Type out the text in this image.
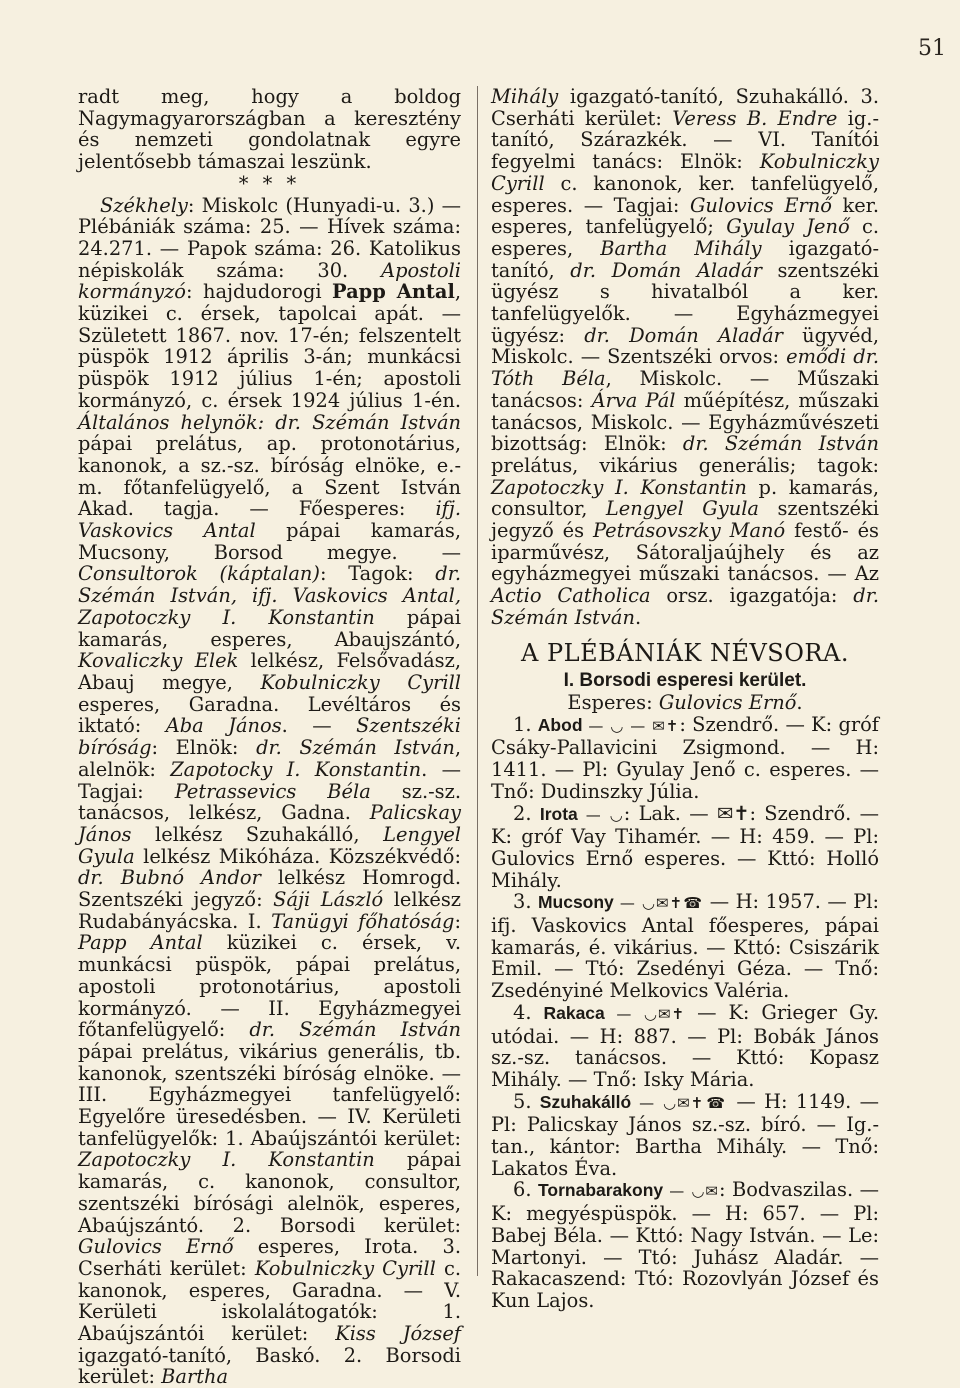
51

radt meg, hogy a boldog Nagymagyarországban a keresztény és nemzeti gondolatnak egyre jelentősebb támaszai leszünk.

* * *

Székhely: Miskolc (Hunyadi-u. 3.) — Plébániák száma: 25. — Hívek száma: 24.271. — Papok száma: 26. Katolikus népiskolák száma: 30. Apostoli kormányzó: hajdudorogi Papp Antal, küzikei c. érsek, tapolcai apát. — Született 1867. nov. 17-én; felszentelt püspök 1912 április 3-án; munkácsi püspök 1912 július 1-én; apostoli kormányzó, c. érsek 1924 július 1-én. Általános helynök: dr. Szémán István pápai prelátus, ap. protonotárius, kanonok, a sz.-sz. bíróság elnöke, e.-m. főtanfelügyelő, a Szent István Akad. tagja. — Főesperes: ifj. Vaskovics Antal pápai kamarás, Mucsony, Borsod megye. — Consultorok (káptalan): Tagok: dr. Szémán István, ifj. Vaskovics Antal, Zapotoczky I. Konstantin pápai kamarás, esperes, Abaujszántó, Kovaliczky Elek lelkész, Felsővadász, Abauj megye, Kobulniczky Cyrill esperes, Garadna. Levéltáros és iktató: Aba János. — Szentszéki bíróság: Elnök: dr. Szémán István, alelnök: Zapotocky I. Konstantin. — Tagjai: Petrassevics Béla sz.-sz. tanácsos, lelkész, Gadna. Palicskay János lelkész Szuhakálló, Lengyel Gyula lelkész Mikóháza. Közszékvédő: dr. Bubnó Andor lelkész Homrogd. Szentszéki jegyző: Sáji László lelkész Rudabányácska. I. Tanügyi főhatóság: Papp Antal küzikei c. érsek, v. munkácsi püspök, pápai prelátus, apostoli protonotárius, apostoli kormányzó. — II. Egyházmegyei főtanfelügyelő: dr. Szémán István pápai prelátus, vikárius generális, tb. kanonok, szentszéki bíróság elnöke. — III. Egyházmegyei tanfelügyelő: Egyelőre üresedésben. — IV. Kerületi tanfelügyelők: 1. Abaújszántói kerület: Zapotoczky I. Konstantin pápai kamarás, c. kanonok, consultor, szentszéki bírósági alelnök, esperes, Abaújszántó. 2. Borsodi kerület: Gulovics Ernő esperes, Irota. 3. Cserháti kerület: Kobulniczky Cyrill c. kanonok, esperes, Garadna. — V. Kerületi iskolalátogatók: 1. Abaújszántói kerület: Kiss József igazgató-tanító, Baskó. 2. Borsodi kerület: Bartha

Mihály igazgató-tanító, Szuhakálló. 3. Cserháti kerület: Veress B. Endre ig.-tanító, Szárazkék. — VI. Tanítói fegyelmi tanács: Elnök: Kobulniczky Cyrill c. kanonok, ker. tanfelügyelő, esperes. — Tagjai: Gulovics Ernő ker. esperes, tanfelügyelő; Gyulay Jenő c. esperes, Bartha Mihály igazgató-tanító, dr. Domán Aladár szentszéki ügyész s hivatalból a ker. tanfelügyelők. — Egyházmegyei ügyész: dr. Domán Aladár ügyvéd, Miskolc. — Szentszéki orvos: emődi dr. Tóth Béla, Miskolc. — Műszaki tanácsos: Árva Pál műépítész, műszaki tanácsos, Miskolc. — Egyházművészeti bizottság: Elnök: dr. Szémán István prelátus, vikárius generális; tagok: Zapotoczky I. Konstantin p. kamarás, consultor, Lengyel Gyula szentszéki jegyző és Petrásovszky Manó festő- és iparművész, Sátoraljaújhely és az egyházmegyei műszaki tanácsos. — Az Actio Catholica orsz. igazgatója: dr. Szémán István.

A PLÉBÁNIÁK NÉVSORA.

I. Borsodi esperesi kerület.

Esperes: Gulovics Ernő.

1. Abod — ◡ — ✉✝: Szendrő. — K: gróf Csáky-Pallavicini Zsigmond. — H: 1411. — Pl: Gyulay Jenő c. esperes. — Tnő: Dudinszky Júlia.

2. Irota — ◡: Lak. — ✉✝: Szendrő. — K: gróf Vay Tihamér. — H: 459. — Pl: Gulovics Ernő esperes. — Kttó: Holló Mihály.

3. Mucsony — ◡✉✝☎ — H: 1957. — Pl: ifj. Vaskovics Antal főesperes, pápai kamarás, é. vikárius. — Kttó: Csiszárik Emil. — Ttó: Zsedényi Géza. — Tnő: Zsedényiné Melkovics Valéria.

4. Rakaca — ◡✉✝ — K: Grieger Gy. utódai. — H: 887. — Pl: Bobák János sz.-sz. tanácsos. — Kttó: Kopasz Mihály. — Tnő: Isky Mária.

5. Szuhakálló — ◡✉✝☎ — H: 1149. — Pl: Palicskay János sz.-sz. bíró. — Ig.-tan., kántor: Bartha Mihály. — Tnő: Lakatos Éva.

6. Tornabarakony — ◡✉: Bodvaszilas. — K: megyéspüspök. — H: 657. — Pl: Babej Béla. — Kttó: Nagy István. — Le: Martonyi. — Ttó: Juhász Aladár. — Rakacaszend: Ttó: Rozovlyán József és Kun Lajos.
